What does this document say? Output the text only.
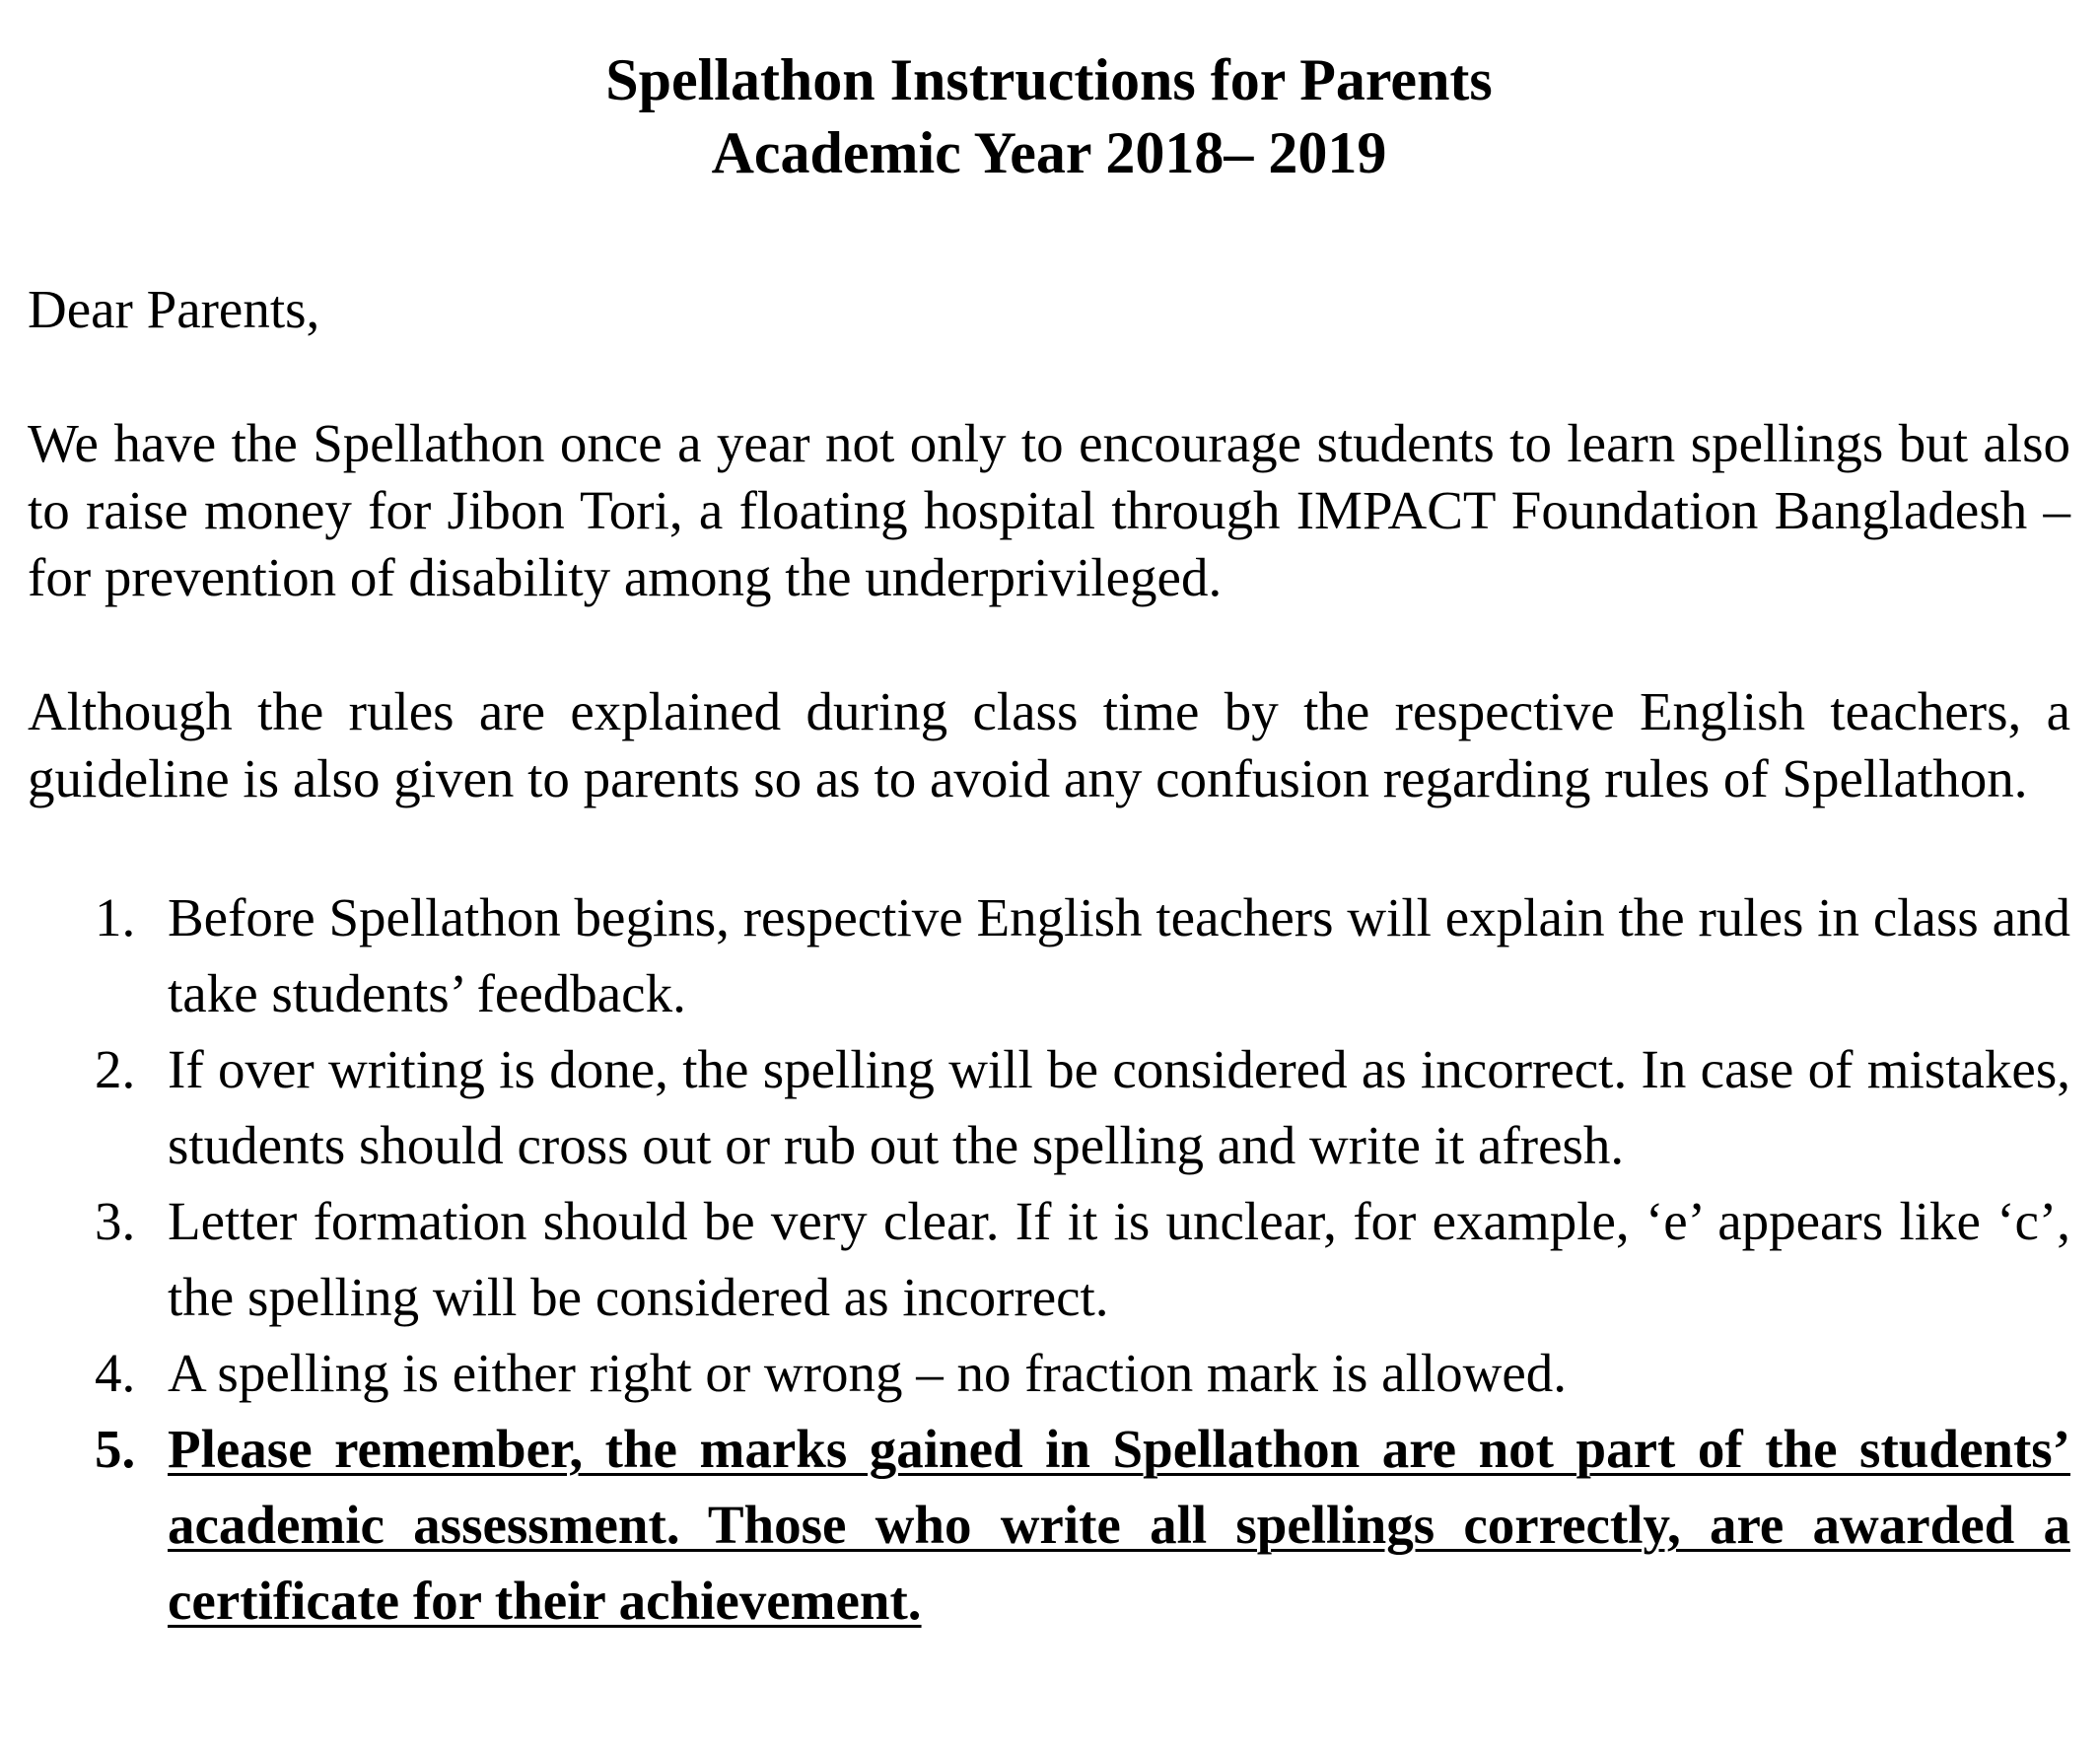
Spellathon Instructions for Parents
Academic Year 2018– 2019

Dear Parents,

We have the Spellathon once a year not only to encourage students to learn spellings but also to raise money for Jibon Tori, a floating hospital through IMPACT Foundation Bangladesh – for prevention of disability among the underprivileged.

Although the rules are explained during class time by the respective English teachers, a guideline is also given to parents so as to avoid any confusion regarding rules of Spellathon.

1. Before Spellathon begins, respective English teachers will explain the rules in class and take students’ feedback.
2. If over writing is done, the spelling will be considered as incorrect. In case of mistakes, students should cross out or rub out the spelling and write it afresh.
3. Letter formation should be very clear. If it is unclear, for example, ‘e’ appears like ‘c’, the spelling will be considered as incorrect.
4. A spelling is either right or wrong – no fraction mark is allowed.
5. Please remember, the marks gained in Spellathon are not part of the students’ academic assessment. Those who write all spellings correctly, are awarded a certificate for their achievement.
